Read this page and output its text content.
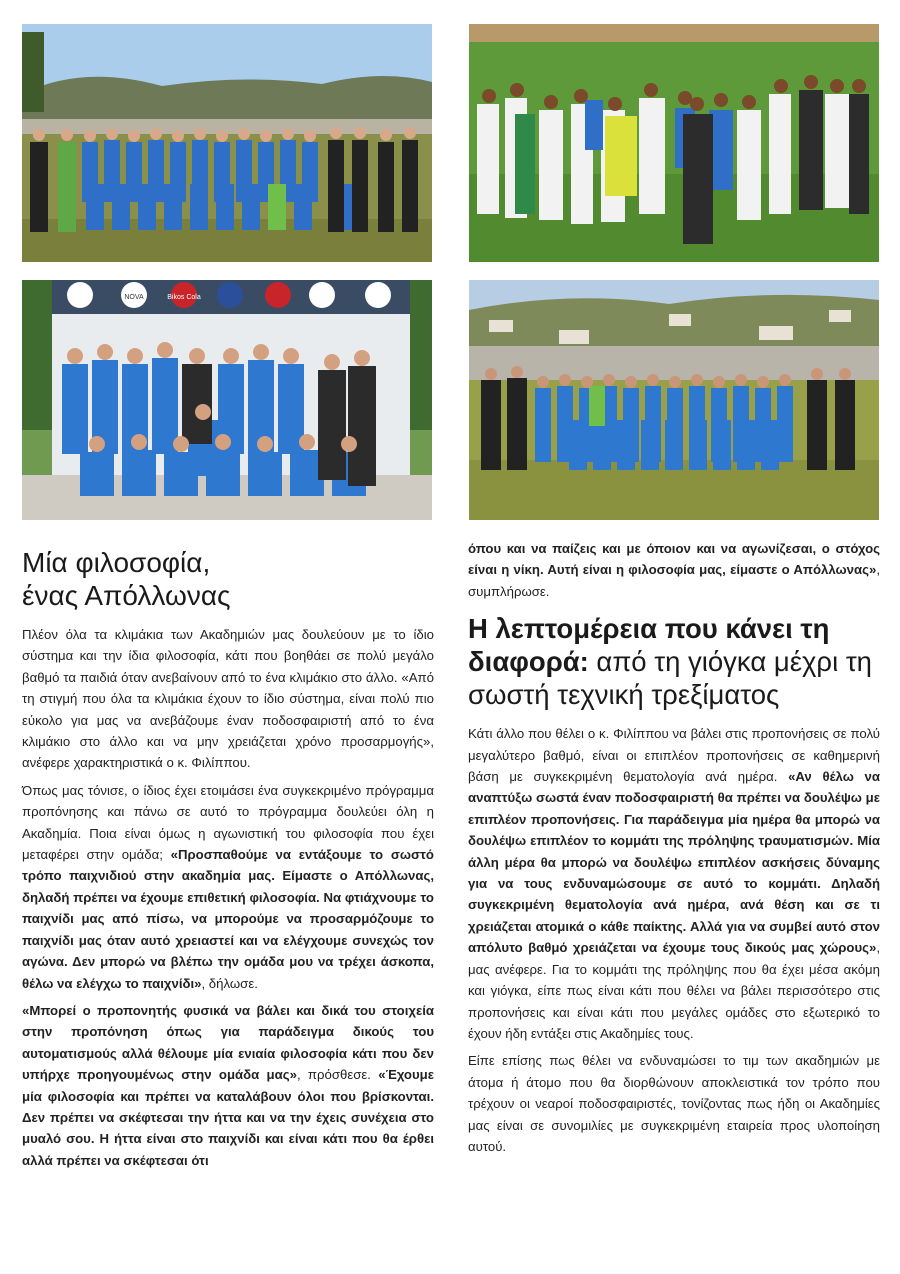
Bikos Cola
NOVA
Μία φιλοσοφία,
ένας Απόλλωνας

Πλέον όλα τα κλιμάκια των Ακαδημιών μας δουλεύουν με το ίδιο σύστημα και την ίδια φιλοσοφία, κάτι που βοηθάει σε πολύ μεγάλο βαθμό τα παιδιά όταν ανεβαίνουν από το ένα κλιμάκιο στο άλλο. «Από τη στιγμή που όλα τα κλιμάκια έχουν το ίδιο σύστημα, είναι πολύ πιο εύκολο για μας να ανεβάζουμε έναν ποδοσφαιριστή από το ένα κλιμάκιο στο άλλο και να μην χρειάζεται χρόνο προσαρμογής», ανέφερε χαρακτηριστικά ο κ. Φιλίππου.

Όπως μας τόνισε, ο ίδιος έχει ετοιμάσει ένα συγκεκριμένο πρόγραμμα προπόνησης και πάνω σε αυτό το πρόγραμμα δουλεύει όλη η Ακαδημία. Ποια είναι όμως η αγωνιστική του φιλοσοφία που έχει μεταφέρει στην ομάδα; «Προσπαθούμε να εντάξουμε το σωστό τρόπο παιχνιδιού στην ακαδημία μας. Είμαστε ο Απόλλωνας, δηλαδή πρέπει να έχουμε επιθετική φιλοσοφία. Να φτιάχνουμε το παιχνίδι μας από πίσω, να μπορούμε να προσαρμόζουμε το παιχνίδι μας όταν αυτό χρειαστεί και να ελέγχουμε συνεχώς τον αγώνα. Δεν μπορώ να βλέπω την ομάδα μου να τρέχει άσκοπα, θέλω να ελέγχω το παιχνίδι», δήλωσε.

«Μπορεί ο προπονητής φυσικά να βάλει και δικά του στοιχεία στην προπόνηση όπως για παράδειγμα δικούς του αυτοματισμούς αλλά θέλουμε μία ενιαία φιλοσοφία κάτι που δεν υπήρχε προηγουμένως στην ομάδα μας», πρόσθεσε. «Έχουμε μία φιλοσοφία και πρέπει να καταλάβουν όλοι που βρίσκονται. Δεν πρέπει να σκέφτεσαι την ήττα και να την έχεις συνέχεια στο μυαλό σου. Η ήττα είναι στο παιχνίδι και είναι κάτι που θα έρθει αλλά πρέπει να σκέφτεσαι ότι

όπου και να παίζεις και με όποιον και να αγωνίζεσαι, ο στόχος είναι η νίκη. Αυτή είναι η φιλοσοφία μας, είμαστε ο Απόλλωνας», συμπλήρωσε.

Η λεπτομέρεια που κάνει τη διαφορά: από τη γιόγκα μέχρι τη σωστή τεχνική τρεξίματος

Κάτι άλλο που θέλει ο κ. Φιλίππου να βάλει στις προπονήσεις σε πολύ μεγαλύτερο βαθμό, είναι οι επιπλέον προπονήσεις σε καθημερινή βάση με συγκεκριμένη θεματολογία ανά ημέρα. «Αν θέλω να αναπτύξω σωστά έναν ποδοσφαιριστή θα πρέπει να δουλέψω με επιπλέον προπονήσεις. Για παράδειγμα μία ημέρα θα μπορώ να δουλέψω επιπλέον το κομμάτι της πρόληψης τραυματισμών. Μία άλλη μέρα θα μπορώ να δουλέψω επιπλέον ασκήσεις δύναμης για να τους ενδυναμώσουμε σε αυτό το κομμάτι. Δηλαδή συγκεκριμένη θεματολογία ανά ημέρα, ανά θέση και σε τι χρειάζεται ατομικά ο κάθε παίκτης. Αλλά για να συμβεί αυτό στον απόλυτο βαθμό χρειάζεται να έχουμε τους δικούς μας χώρους», μας ανέφερε. Για το κομμάτι της πρόληψης που θα έχει μέσα ακόμη και γιόγκα, είπε πως είναι κάτι που θέλει να βάλει περισσότερο στις προπονήσεις και είναι κάτι που μεγάλες ομάδες στο εξωτερικό το έχουν ήδη εντάξει στις Ακαδημίες τους.

Είπε επίσης πως θέλει να ενδυναμώσει το τιμ των ακαδημιών με άτομα ή άτομο που θα διορθώνουν αποκλειστικά τον τρόπο που τρέχουν οι νεαροί ποδοσφαιριστές, τονίζοντας πως ήδη οι Ακαδημίες μας είναι σε συνομιλίες με συγκεκριμένη εταιρεία προς υλοποίηση αυτού.
